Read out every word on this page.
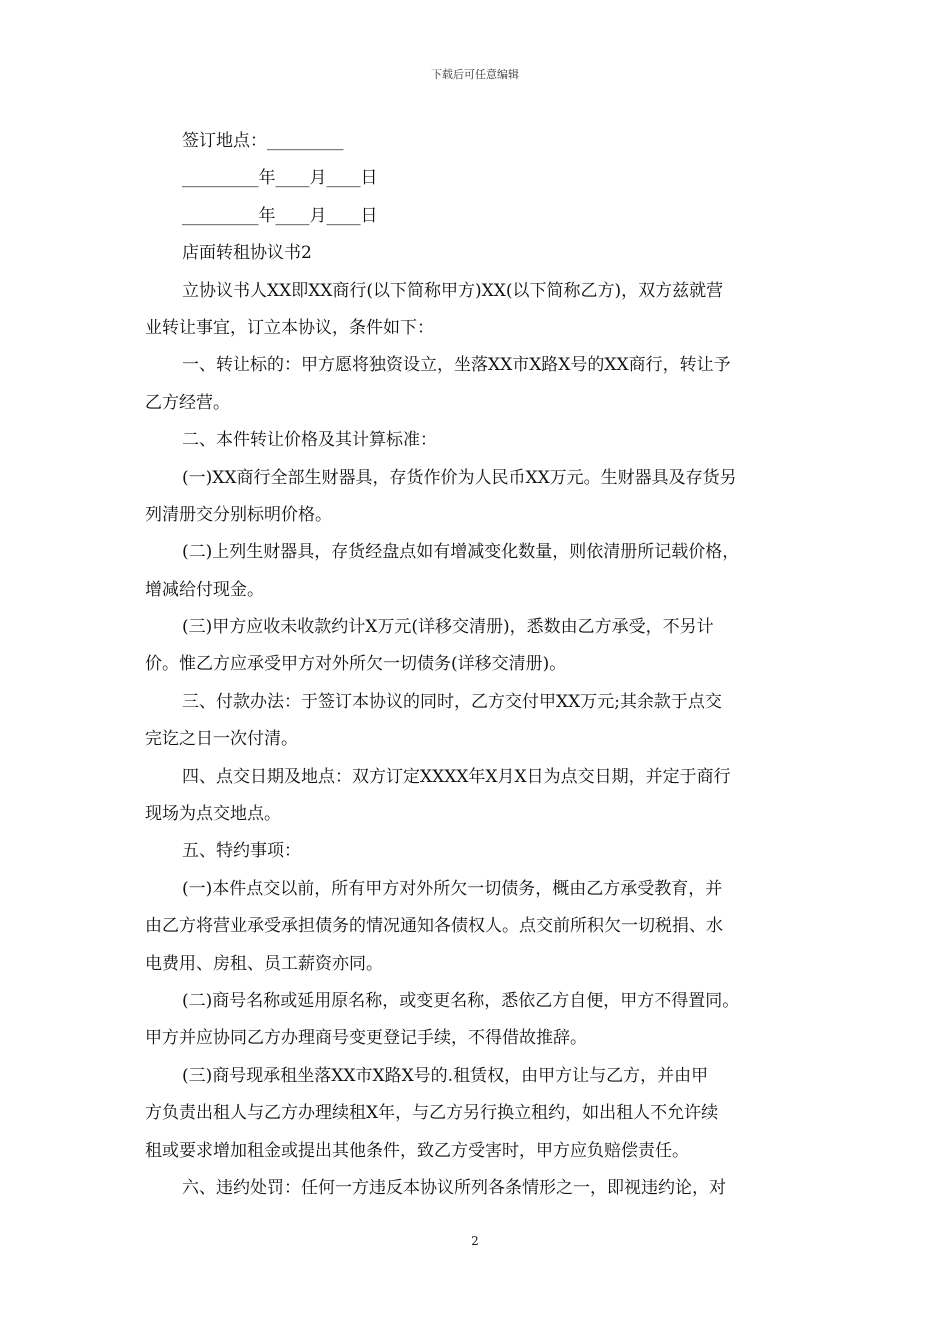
下载后可任意编辑
签订地点：_________
_________年____月____日
_________年____月____日
店面转租协议书2
立协议书人XX即XX商行(以下简称甲方)XX(以下简称乙方)，双方兹就营
业转让事宜，订立本协议，条件如下：
一、转让标的：甲方愿将独资设立，坐落XX市X路X号的XX商行，转让予
乙方经营。
二、本件转让价格及其计算标准：
(一)XX商行全部生财器具，存货作价为人民币XX万元。生财器具及存货另
列清册交分别标明价格。
(二)上列生财器具，存货经盘点如有增减变化数量，则依清册所记载价格，
增减给付现金。
(三)甲方应收未收款约计X万元(详移交清册)，悉数由乙方承受，不另计
价。惟乙方应承受甲方对外所欠一切债务(详移交清册)。
三、付款办法：于签订本协议的同时，乙方交付甲XX万元;其余款于点交
完讫之日一次付清。
四、点交日期及地点：双方订定XXXX年X月X日为点交日期，并定于商行
现场为点交地点。
五、特约事项：
(一)本件点交以前，所有甲方对外所欠一切债务，概由乙方承受教育，并
由乙方将营业承受承担债务的情况通知各债权人。点交前所积欠一切税捐、水
电费用、房租、员工薪资亦同。
(二)商号名称或延用原名称，或变更名称，悉依乙方自便，甲方不得置同。
甲方并应协同乙方办理商号变更登记手续，不得借故推辞。
(三)商号现承租坐落XX市X路X号的.租赁权，由甲方让与乙方，并由甲
方负责出租人与乙方办理续租X年，与乙方另行换立租约，如出租人不允许续
租或要求增加租金或提出其他条件，致乙方受害时，甲方应负赔偿责任。
六、违约处罚：任何一方违反本协议所列各条情形之一，即视违约论，对
2
